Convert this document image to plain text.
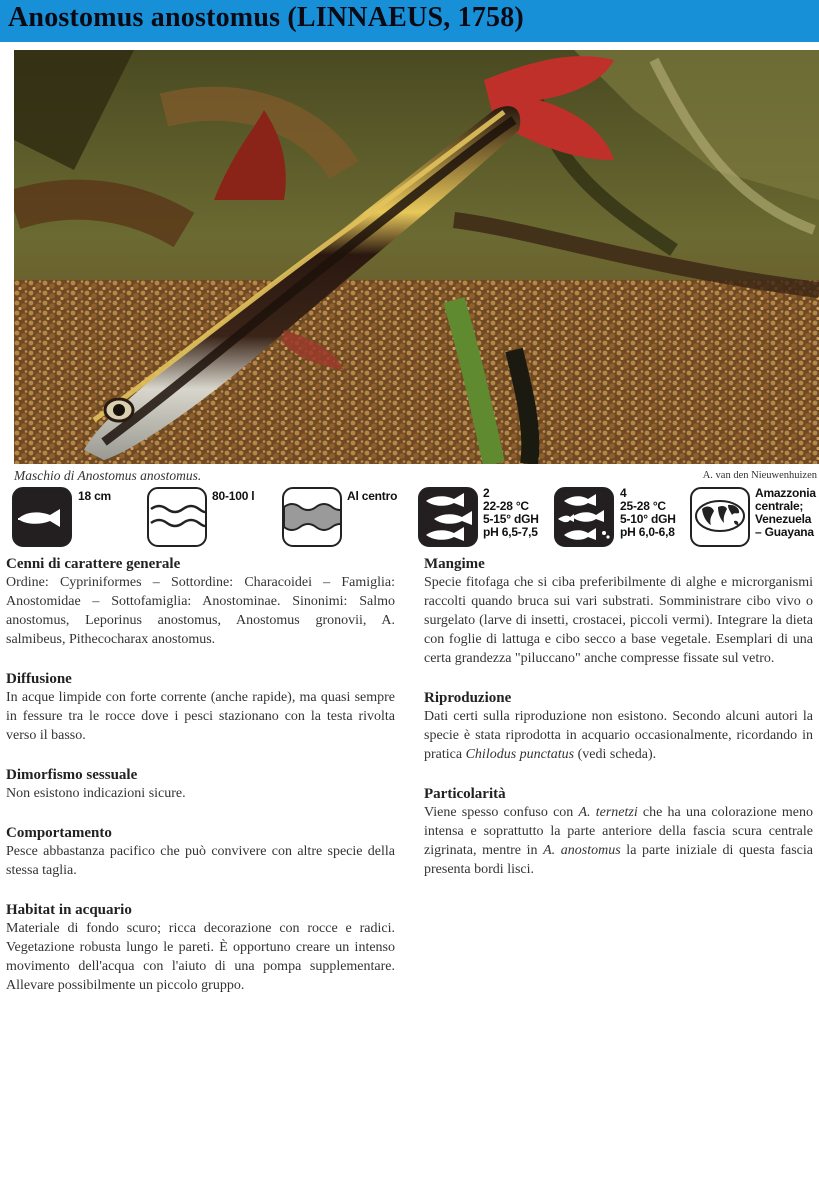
Anostomus anostomus (LINNAEUS, 1758)
Maschio di Anostomus anostomus.	A. van den Nieuwenhuizen
18 cm	80-100 l	Al centro	2
22-28 °C
5-15° dGH
pH 6,5-7,5
4
25-28 °C
5-10° dGH
pH 6,0-6,8
Amazzonia
centrale;
Venezuela
– Guayana
Cenni di carattere generale

Ordine: Cypriniformes – Sottordine: Characoidei – Famiglia: Anostomidae – Sottofamiglia: Anostominae. Sinonimi: Salmo anostomus, Leporinus anostomus, Anostomus gronovii, A. salmibeus, Pithecocharax anostomus.

Diffusione

In acque limpide con forte corrente (anche rapide), ma quasi sempre in fessure tra le rocce dove i pesci stazionano con la testa rivolta verso il basso.

Dimorfismo sessuale

Non esistono indicazioni sicure.

Comportamento

Pesce abbastanza pacifico che può convivere con altre specie della stessa taglia.

Habitat in acquario

Materiale di fondo scuro; ricca decorazione con rocce e radici. Vegetazione robusta lungo le pareti. È opportuno creare un intenso movimento dell'acqua con l'aiuto di una pompa supplementare. Allevare possibilmente un piccolo gruppo.

Mangime

Specie fitofaga che si ciba preferibilmente di alghe e microrganismi raccolti quando bruca sui vari substrati. Somministrare cibo vivo o surgelato (larve di insetti, crostacei, piccoli vermi). Integrare la dieta con foglie di lattuga e cibo secco a base vegetale. Esemplari di una certa grandezza "piluccano" anche compresse fissate sul vetro.

Riproduzione

Dati certi sulla riproduzione non esistono. Secondo alcuni autori la specie è stata riprodotta in acquario occasionalmente, ricordando in pratica Chilodus punctatus (vedi scheda).

Particolarità

Viene spesso confuso con A. ternetzi che ha una colorazione meno intensa e soprattutto la parte anteriore della fascia scura centrale zigrinata, mentre in A. anostomus la parte iniziale di questa fascia presenta bordi lisci.
